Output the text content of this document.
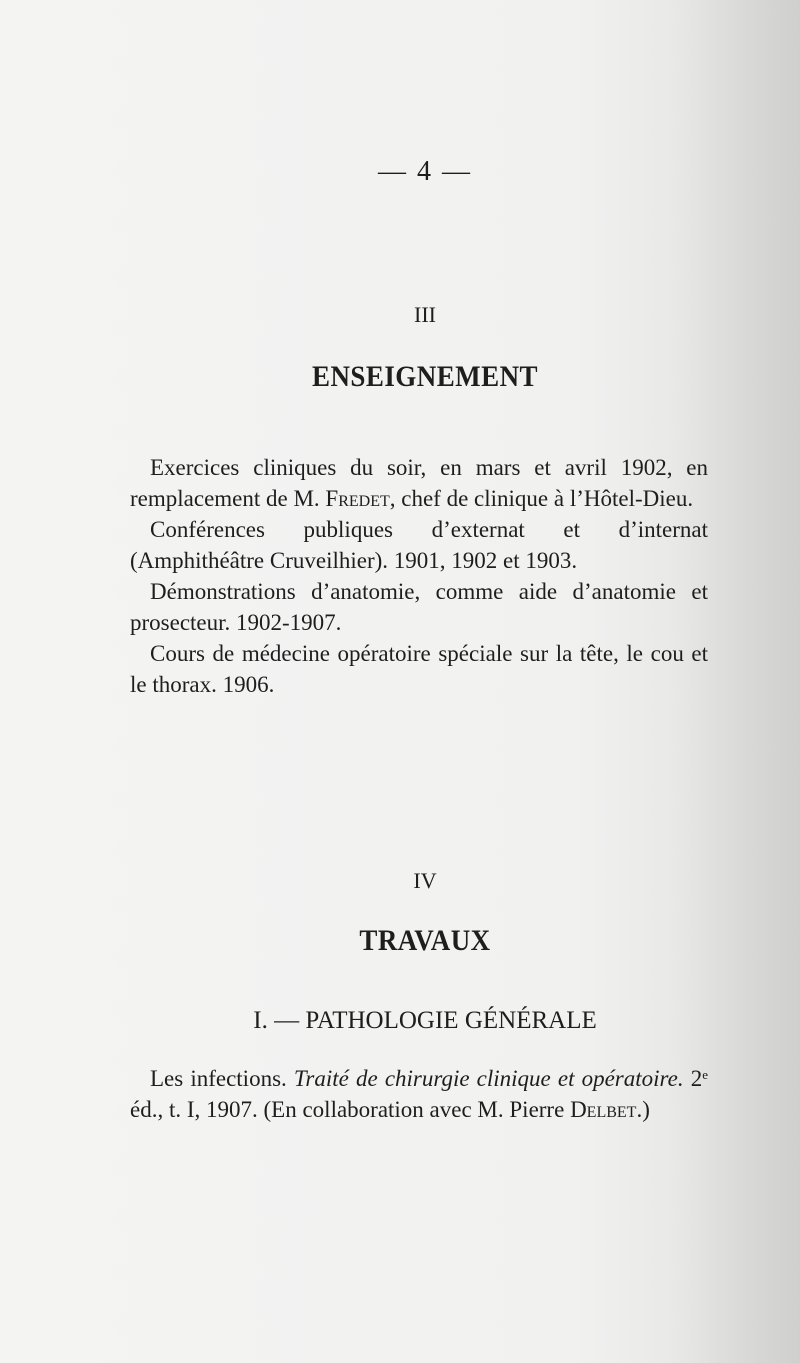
— 4 —
III
ENSEIGNEMENT

Exercices cliniques du soir, en mars et avril 1902, en remplacement de M. Fredet, chef de clinique à l’Hôtel-Dieu.

Conférences publiques d’externat et d’internat (Amphithéâtre Cruveilhier). 1901, 1902 et 1903.

Démonstrations d’anatomie, comme aide d’anatomie et prosecteur. 1902-1907.

Cours de médecine opératoire spéciale sur la tête, le cou et le thorax. 1906.

IV
TRAVAUX
I. — PATHOLOGIE GÉNÉRALE

Les infections. Traité de chirurgie clinique et opératoire. 2e éd., t. I, 1907. (En collaboration avec M. Pierre Delbet.)
